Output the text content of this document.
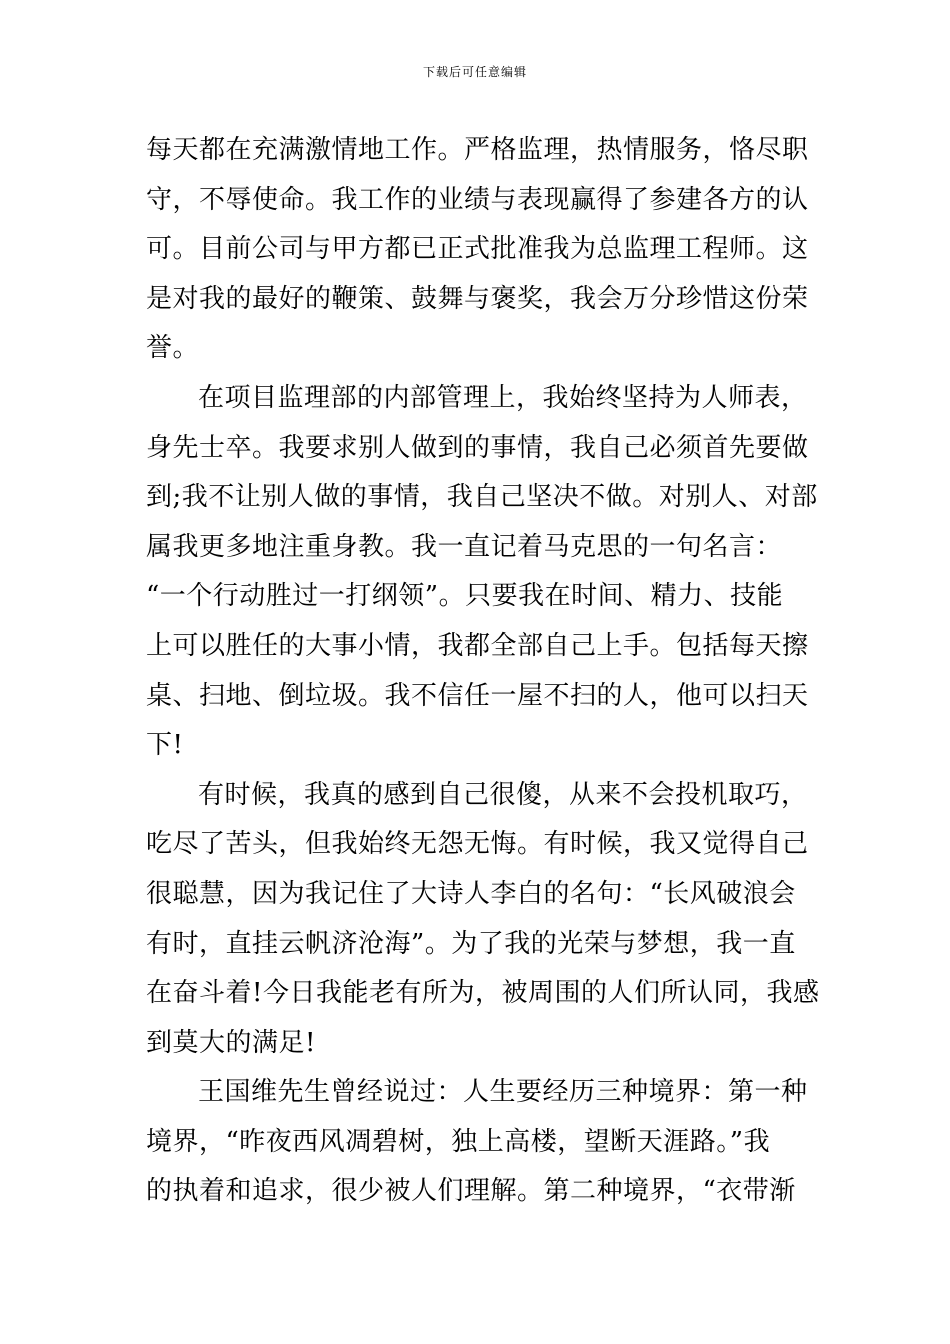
下载后可任意编辑
每天都在充满激情地工作。严格监理，热情服务，恪尽职
守，不辱使命。我工作的业绩与表现赢得了参建各方的认
可。目前公司与甲方都已正式批准我为总监理工程师。这
是对我的最好的鞭策、鼓舞与褒奖，我会万分珍惜这份荣
誉。
在项目监理部的内部管理上，我始终坚持为人师表，
身先士卒。我要求别人做到的事情，我自己必须首先要做
到;我不让别人做的事情，我自己坚决不做。对别人、对部
属我更多地注重身教。我一直记着马克思的一句名言：
“一个行动胜过一打纲领”。只要我在时间、精力、技能
上可以胜任的大事小情，我都全部自己上手。包括每天擦
桌、扫地、倒垃圾。我不信任一屋不扫的人，他可以扫天
下!
有时候，我真的感到自己很傻，从来不会投机取巧，
吃尽了苦头，但我始终无怨无悔。有时候，我又觉得自己
很聪慧，因为我记住了大诗人李白的名句：“长风破浪会
有时，直挂云帆济沧海”。为了我的光荣与梦想，我一直
在奋斗着!今日我能老有所为，被周围的人们所认同，我感
到莫大的满足!
王国维先生曾经说过：人生要经历三种境界：第一种
境界，“昨夜西风凋碧树，独上高楼，望断天涯路。”我
的执着和追求，很少被人们理解。第二种境界，“衣带渐
